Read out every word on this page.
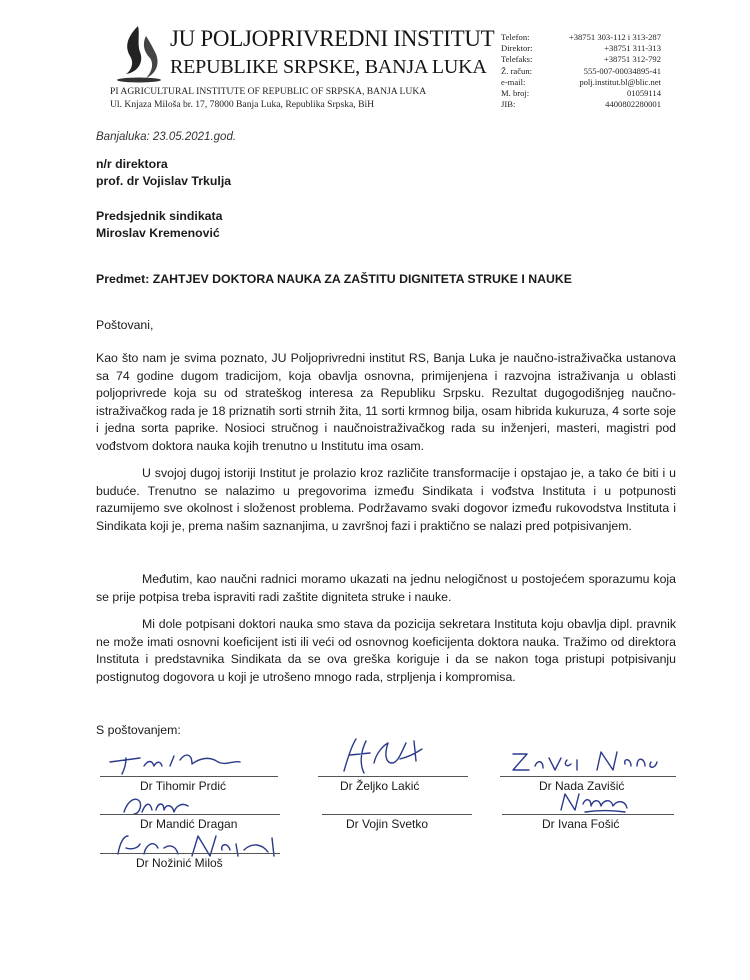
JU POLJOPRIVREDNI INSTITUT
REPUBLIKE SRPSKE, BANJA LUKA
PI AGRICULTURAL INSTITUTE OF REPUBLIC OF SRPSKA, BANJA LUKA
Ul. Knjaza Miloša br. 17, 78000 Banja Luka, Republika Srpska, BiH
Telefon:	+38751 303-112 i 313-287
Direktor:	+38751 311-313
Telefaks:	+38751 312-792
Ž. račun:	555-007-00034895-41
e-mail:	polj.institut.bl@blic.net
M. broj:	01059114
JIB:	4400802280001
Banjaluka: 23.05.2021.god.
n/r direktora
prof. dr Vojislav Trkulja
Predsjednik sindikata
Miroslav Kremenović
Predmet: ZAHTJEV DOKTORA NAUKA ZA ZAŠTITU DIGNITETA STRUKE I NAUKE
Poštovani,
Kao što nam je svima poznato, JU Poljoprivredni institut RS, Banja Luka je naučno-istraživačka ustanova sa 74 godine dugom tradicijom, koja obavlja osnovna, primijenjena i razvojna istraživanja u oblasti poljoprivrede koja su od strateškog interesa za Republiku Srpsku. Rezultat dugogodišnjeg naučno-istraživačkog rada je 18 priznatih sorti strnih žita, 11 sorti krmnog bilja, osam hibrida kukuruza, 4 sorte soje i jedna sorta paprike. Nosioci stručnog i naučnoistraživačkog rada su inženjeri, masteri, magistri pod vođstvom doktora nauka kojih trenutno u Institutu ima osam.
U svojoj dugoj istoriji Institut je prolazio kroz različite transformacije i opstajao je, a tako će biti i u buduće. Trenutno se nalazimo u pregovorima između Sindikata i vođstva Instituta i u potpunosti razumijemo sve okolnost i složenost problema. Podržavamo svaki dogovor između rukovodstva Instituta i Sindikata koji je, prema našim saznanjima, u završnoj fazi i praktično se nalazi pred potpisivanjem.
Međutim, kao naučni radnici moramo ukazati na jednu nelogičnost u postojećem sporazumu koja se prije potpisa treba ispraviti radi zaštite digniteta struke i nauke.
Mi dole potpisani doktori nauka smo stava da pozicija sekretara Instituta koju obavlja dipl. pravnik ne može imati osnovni koeficijent isti ili veći od osnovnog koeficijenta doktora nauka. Tražimo od direktora Instituta i predstavnika Sindikata da se ova greška koriguje i da se nakon toga pristupi potpisivanju postignutog dogovora u koji je utrošeno mnogo rada, strpljenja i kompromisa.
S poštovanjem:
Dr Tihomir Prdić	Dr Željko Lakić	Dr Nada Zavišić
Dr Mandić Dragan	Dr Vojin Svetko	Dr Ivana Fošić
Dr Nožinić Miloš
